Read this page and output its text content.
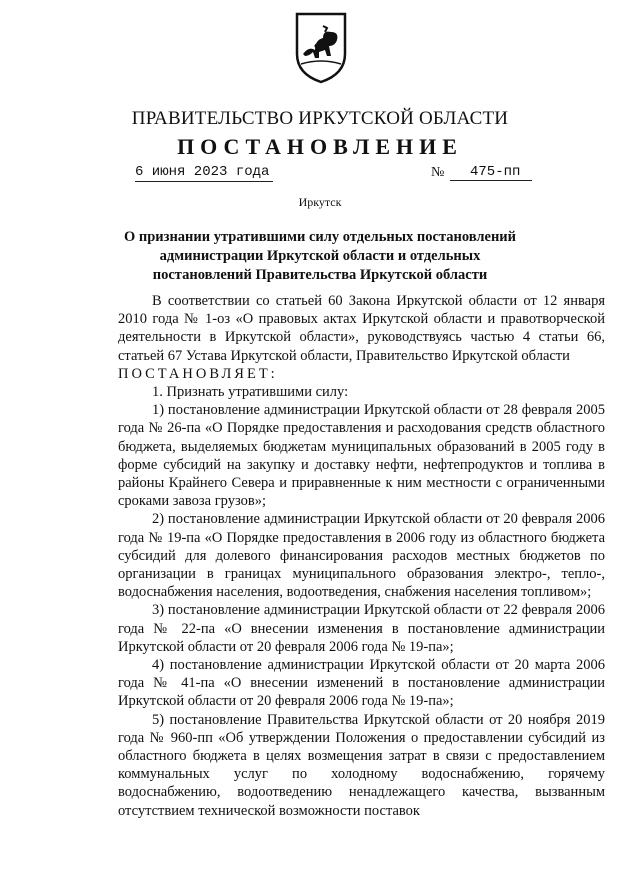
ПРАВИТЕЛЬСТВО ИРКУТСКОЙ ОБЛАСТИ
ПОСТАНОВЛЕНИЕ
6 июня 2023 года	№	475-пп
Иркутск
О признании утратившими силу отдельных постановлений администрации Иркутской области и отдельных постановлений Правительства Иркутской области

В соответствии со статьей 60 Закона Иркутской области от 12 января 2010 года № 1-оз «О правовых актах Иркутской области и правотворческой деятельности в Иркутской области», руководствуясь частью 4 статьи 66, статьей 67 Устава Иркутской области, Правительство Иркутской области

ПОСТАНОВЛЯЕТ:

1. Признать утратившими силу:

1) постановление администрации Иркутской области от 28 февраля 2005 года № 26-па «О Порядке предоставления и расходования средств областного бюджета, выделяемых бюджетам муниципальных образований в 2005 году в форме субсидий на закупку и доставку нефти, нефтепродуктов и топлива в районы Крайнего Севера и приравненные к ним местности с ограниченными сроками завоза грузов»;

2) постановление администрации Иркутской области от 20 февраля 2006 года № 19-па «О Порядке предоставления в 2006 году из областного бюджета субсидий для долевого финансирования расходов местных бюджетов по организации в границах муниципального образования электро-, тепло-, водоснабжения населения, водоотведения, снабжения населения топливом»;

3) постановление администрации Иркутской области от 22 февраля 2006 года № 22-па «О внесении изменения в постановление администрации Иркутской области от 20 февраля 2006 года № 19-па»;

4) постановление администрации Иркутской области от 20 марта 2006 года № 41-па «О внесении изменений в постановление администрации Иркутской области от 20 февраля 2006 года № 19-па»;

5) постановление Правительства Иркутской области от 20 ноября 2019 года № 960-пп «Об утверждении Положения о предоставлении субсидий из областного бюджета в целях возмещения затрат в связи с предоставлением коммунальных услуг по холодному водоснабжению, горячему водоснабжению, водоотведению ненадлежащего качества, вызванным отсутствием технической возможности поставок
